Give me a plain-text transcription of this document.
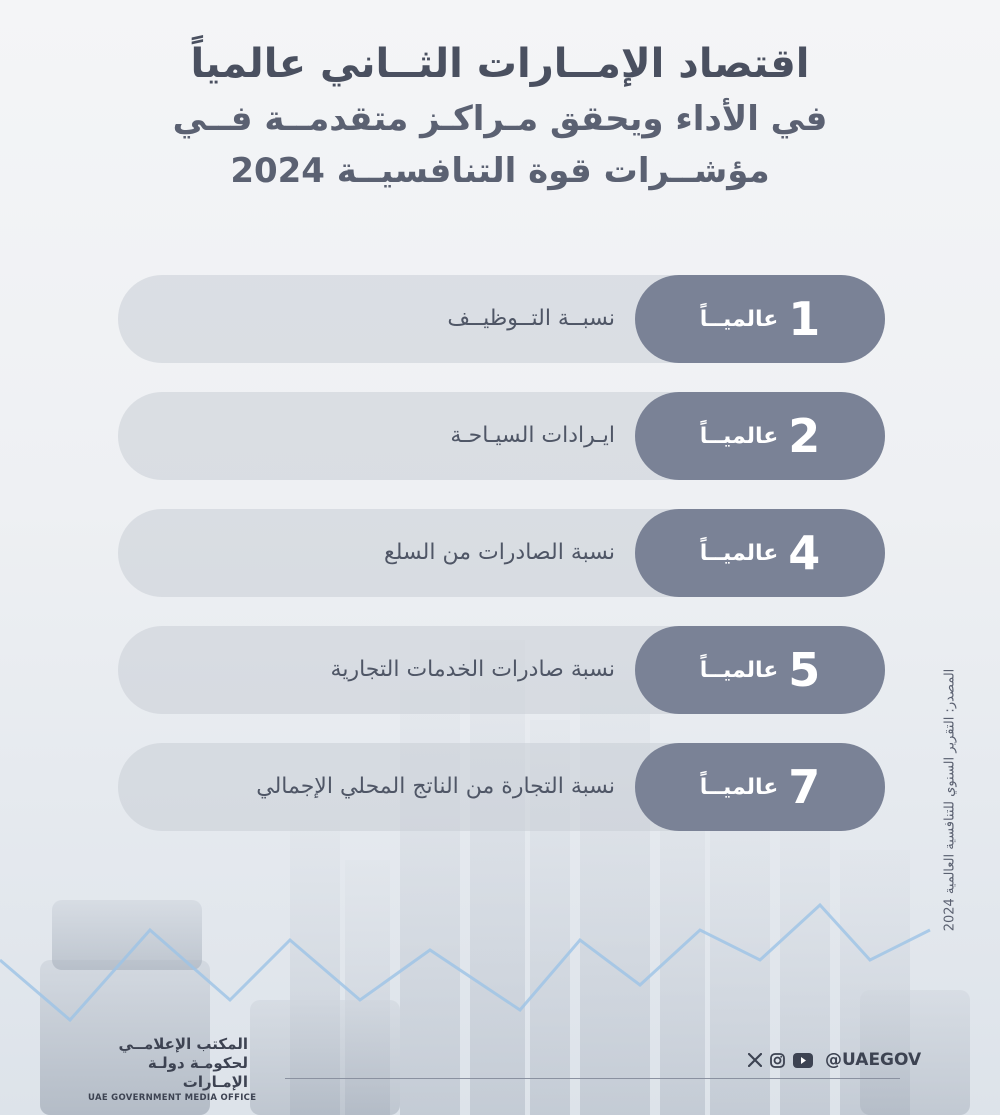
اقتصاد الإمــارات الثــاني عالمياً

في الأداء ويحقق مـراكـز متقدمــة فــي

مؤشــرات قوة التنافسيــة 2024

عالميــاً 1
نسبــة التــوظيــف
عالميــاً 2
ايـرادات السيـاحـة
عالميــاً 4
نسبة الصادرات من السلع
عالميــاً 5
نسبة صادرات الخدمات التجارية
عالميــاً 7
نسبة التجارة من الناتج المحلي الإجمالي
المصدر: التقرير السنوي للتنافسية العالمية 2024
المكتب الإعلامــي
لحكومـة دولـة الإمـارات
UAE GOVERNMENT MEDIA OFFICE
@UAEGOV
